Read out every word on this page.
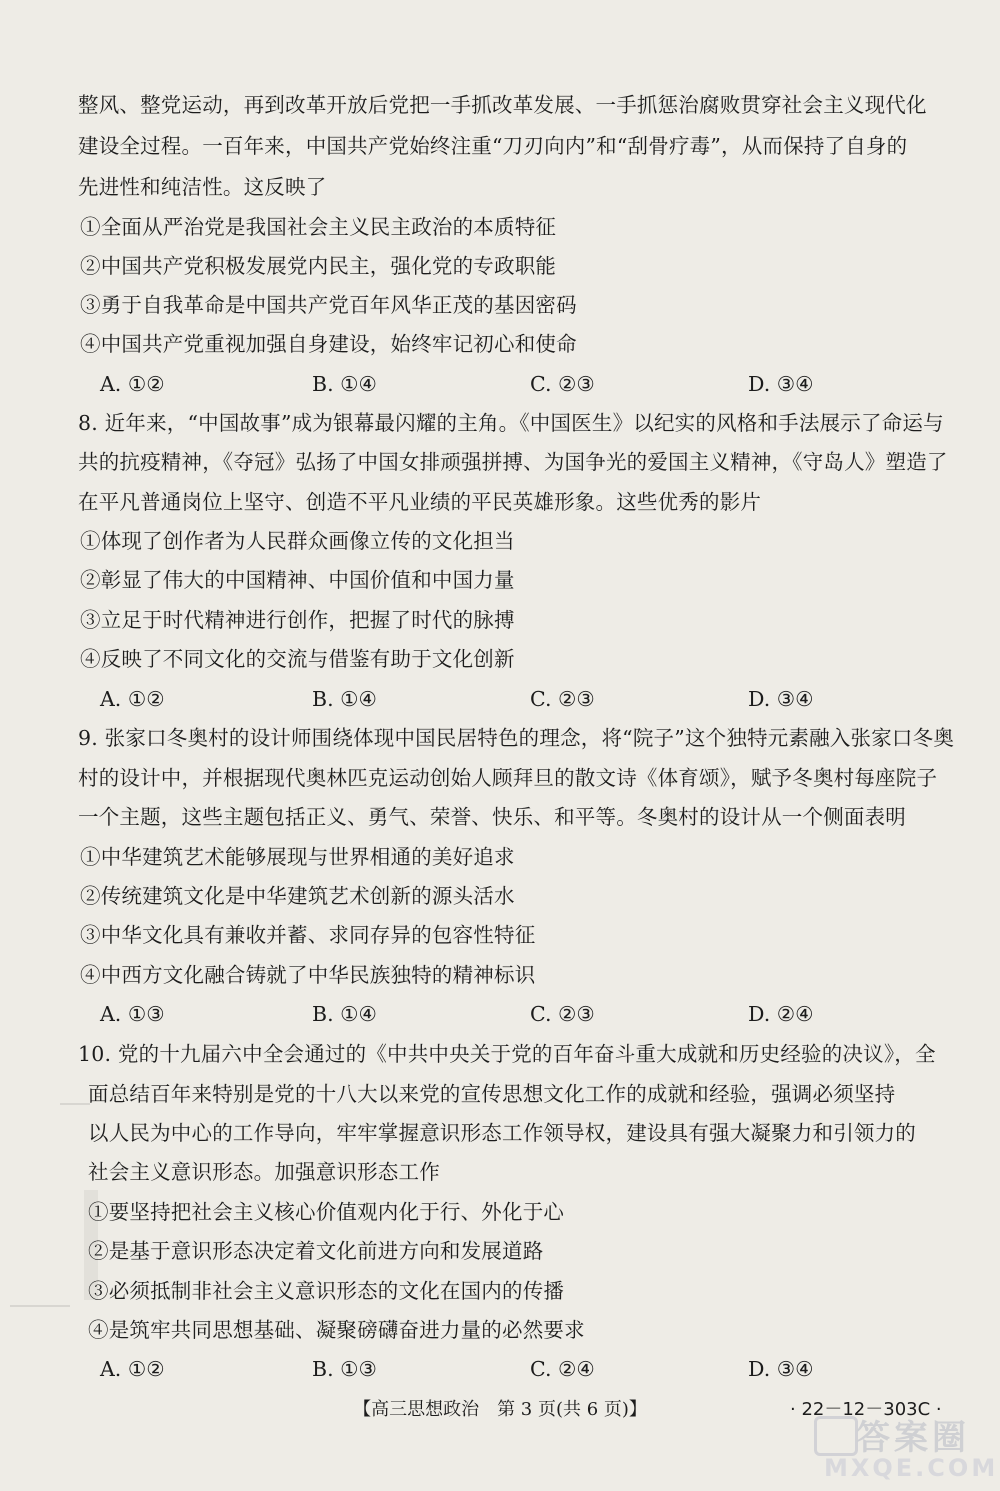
整风、整党运动，再到改革开放后党把一手抓改革发展、一手抓惩治腐败贯穿社会主义现代化
建设全过程。一百年来，中国共产党始终注重“刀刃向内”和“刮骨疗毒”，从而保持了自身的
先进性和纯洁性。这反映了
①全面从严治党是我国社会主义民主政治的本质特征
②中国共产党积极发展党内民主，强化党的专政职能
③勇于自我革命是中国共产党百年风华正茂的基因密码
④中国共产党重视加强自身建设，始终牢记初心和使命
A. ①②	B. ①④	C. ②③	D. ③④
8. 近年来，“中国故事”成为银幕最闪耀的主角。《中国医生》以纪实的风格和手法展示了命运与
共的抗疫精神，《夺冠》弘扬了中国女排顽强拼搏、为国争光的爱国主义精神，《守岛人》塑造了
在平凡普通岗位上坚守、创造不平凡业绩的平民英雄形象。这些优秀的影片
①体现了创作者为人民群众画像立传的文化担当
②彰显了伟大的中国精神、中国价值和中国力量
③立足于时代精神进行创作，把握了时代的脉搏
④反映了不同文化的交流与借鉴有助于文化创新
A. ①②	B. ①④	C. ②③	D. ③④
9. 张家口冬奥村的设计师围绕体现中国民居特色的理念，将“院子”这个独特元素融入张家口冬奥
村的设计中，并根据现代奥林匹克运动创始人顾拜旦的散文诗《体育颂》，赋予冬奥村每座院子
一个主题，这些主题包括正义、勇气、荣誉、快乐、和平等。冬奥村的设计从一个侧面表明
①中华建筑艺术能够展现与世界相通的美好追求
②传统建筑文化是中华建筑艺术创新的源头活水
③中华文化具有兼收并蓄、求同存异的包容性特征
④中西方文化融合铸就了中华民族独特的精神标识
A. ①③	B. ①④	C. ②③	D. ②④
10. 党的十九届六中全会通过的《中共中央关于党的百年奋斗重大成就和历史经验的决议》，全
面总结百年来特别是党的十八大以来党的宣传思想文化工作的成就和经验，强调必须坚持
以人民为中心的工作导向，牢牢掌握意识形态工作领导权，建设具有强大凝聚力和引领力的
社会主义意识形态。加强意识形态工作
①要坚持把社会主义核心价值观内化于行、外化于心
②是基于意识形态决定着文化前进方向和发展道路
③必须抵制非社会主义意识形态的文化在国内的传播
④是筑牢共同思想基础、凝聚磅礴奋进力量的必然要求
A. ①②	B. ①③	C. ②④	D. ③④
【高三思想政治　第 3 页(共 6 页)】	· 22－12－303C ·
答案圈
MXQE.COM
